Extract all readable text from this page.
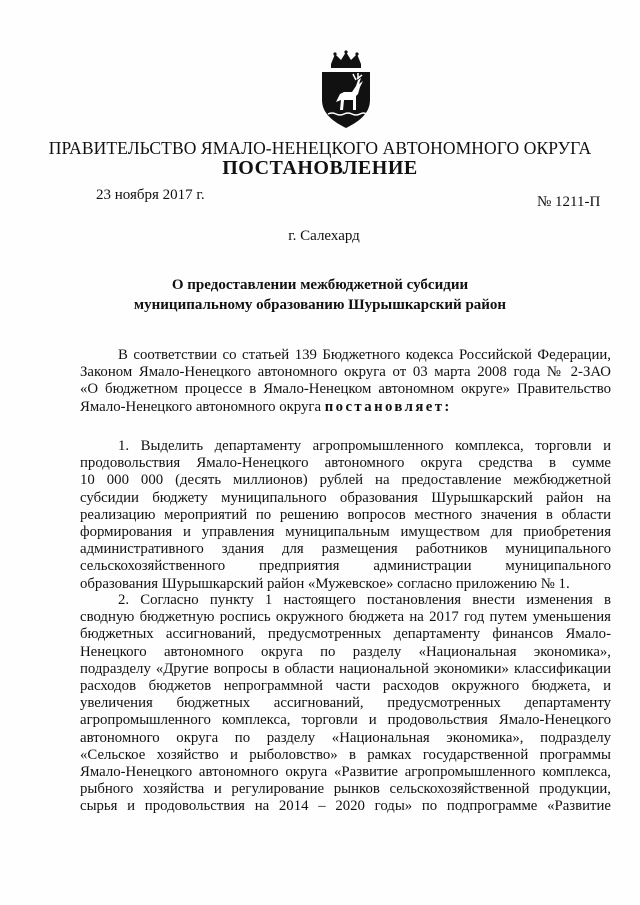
ПРАВИТЕЛЬСТВО ЯМАЛО-НЕНЕЦКОГО АВТОНОМНОГО ОКРУГА
ПОСТАНОВЛЕНИЕ
23 ноября 2017 г.	№ 1211-П
г. Салехард
О предоставлении межбюджетной субсидии
муниципальному образованию Шурышкарский район
В соответствии со статьей 139 Бюджетного кодекса Российской Федерации,
Законом Ямало-Ненецкого автономного округа от 03 марта 2008 года № 2-ЗАО
«О бюджетном процессе в Ямало-Ненецком автономном округе» Правительство
Ямало-Ненецкого автономного округа постановляет:
1. Выделить департаменту агропромышленного комплекса, торговли и
продовольствия Ямало-Ненецкого автономного округа средства в сумме
10 000 000 (десять миллионов) рублей на предоставление межбюджетной
субсидии бюджету муниципального образования Шурышкарский район на
реализацию мероприятий по решению вопросов местного значения в области
формирования и управления муниципальным имуществом для приобретения
административного здания для размещения работников муниципального
сельскохозяйственного предприятия администрации муниципального
образования Шурышкарский район «Мужевское» согласно приложению № 1.
2. Согласно пункту 1 настоящего постановления внести изменения в
сводную бюджетную роспись окружного бюджета на 2017 год путем уменьшения
бюджетных ассигнований, предусмотренных департаменту финансов Ямало-
Ненецкого автономного округа по разделу «Национальная экономика»,
подразделу «Другие вопросы в области национальной экономики» классификации
расходов бюджетов непрограммной части расходов окружного бюджета, и
увеличения бюджетных ассигнований, предусмотренных департаменту
агропромышленного комплекса, торговли и продовольствия Ямало-Ненецкого
автономного округа по разделу «Национальная экономика», подразделу
«Сельское хозяйство и рыболовство» в рамках государственной программы
Ямало-Ненецкого автономного округа «Развитие агропромышленного комплекса,
рыбного хозяйства и регулирование рынков сельскохозяйственной продукции,
сырья и продовольствия на 2014 – 2020 годы» по подпрограмме «Развитие
